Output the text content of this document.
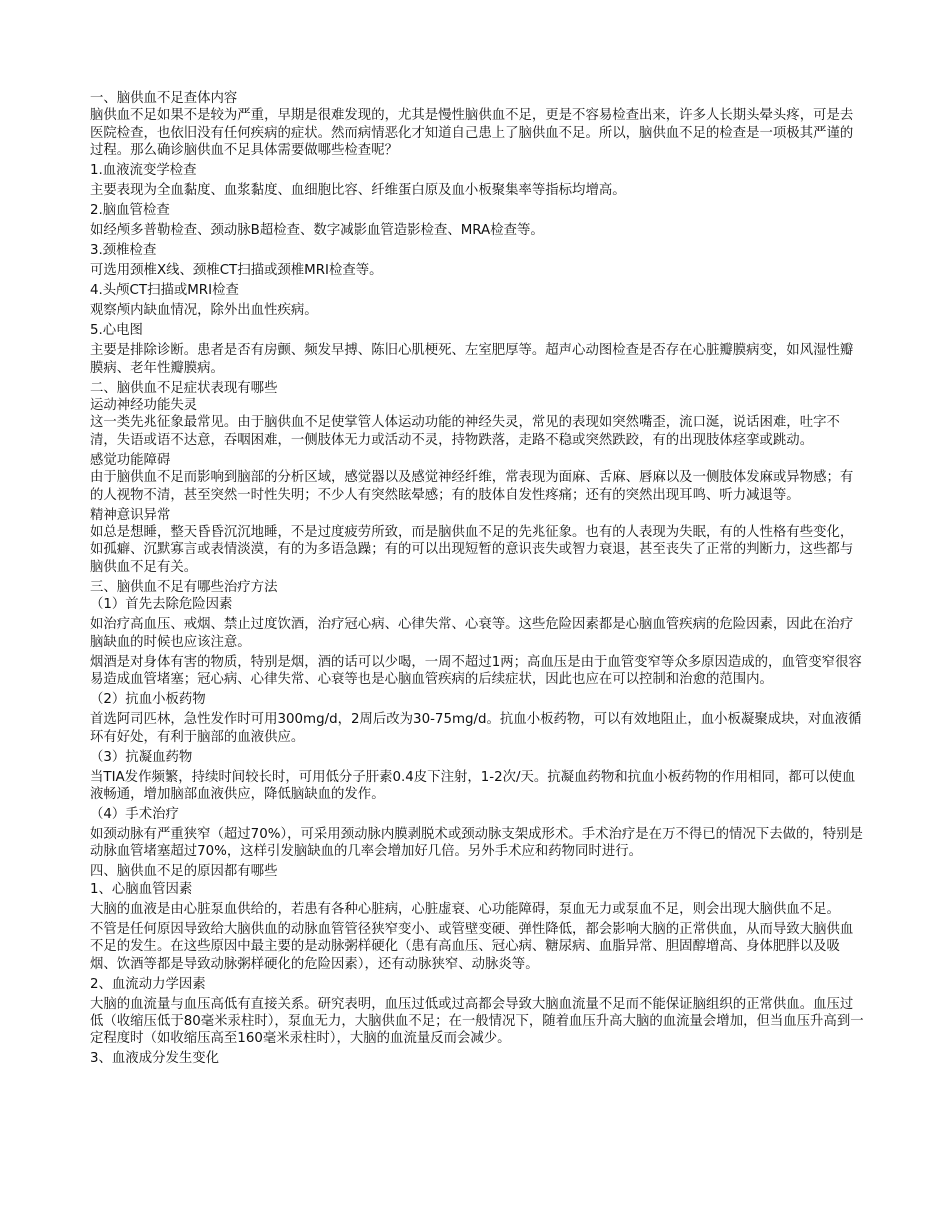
一、脑供血不足查体内容

脑供血不足如果不是较为严重，早期是很难发现的，尤其是慢性脑供血不足，更是不容易检查出来，许多人长期头晕头疼，可是去医院检查，也依旧没有任何疾病的症状。然而病情恶化才知道自己患上了脑供血不足。所以，脑供血不足的检查是一项极其严谨的过程。那么确诊脑供血不足具体需要做哪些检查呢？

1.血液流变学检查

主要表现为全血黏度、血浆黏度、血细胞比容、纤维蛋白原及血小板聚集率等指标均增高。

2.脑血管检查

如经颅多普勒检查、颈动脉B超检查、数字减影血管造影检查、MRA检查等。

3.颈椎检查

可选用颈椎X线、颈椎CT扫描或颈椎MRI检查等。

4.头颅CT扫描或MRI检查

观察颅内缺血情况，除外出血性疾病。

5.心电图

主要是排除诊断。患者是否有房颤、频发早搏、陈旧心肌梗死、左室肥厚等。超声心动图检查是否存在心脏瓣膜病变，如风湿性瓣膜病、老年性瓣膜病。

二、脑供血不足症状表现有哪些

运动神经功能失灵

这一类先兆征象最常见。由于脑供血不足使掌管人体运动功能的神经失灵，常见的表现如突然嘴歪，流口涎，说话困难，吐字不清，失语或语不达意，吞咽困难，一侧肢体无力或活动不灵，持物跌落，走路不稳或突然跌跤，有的出现肢体痉挛或跳动。

感觉功能障碍

由于脑供血不足而影响到脑部的分析区域，感觉器以及感觉神经纤维，常表现为面麻、舌麻、唇麻以及一侧肢体发麻或异物感；有的人视物不清，甚至突然一时性失明；不少人有突然眩晕感；有的肢体自发性疼痛；还有的突然出现耳鸣、听力减退等。

精神意识异常

如总是想睡，整天昏昏沉沉地睡，不是过度疲劳所致，而是脑供血不足的先兆征象。也有的人表现为失眠，有的人性格有些变化，如孤癖、沉默寡言或表情淡漠，有的为多语急躁；有的可以出现短暂的意识丧失或智力衰退，甚至丧失了正常的判断力，这些都与脑供血不足有关。

三、脑供血不足有哪些治疗方法

（1）首先去除危险因素

如治疗高血压、戒烟、禁止过度饮酒，治疗冠心病、心律失常、心衰等。这些危险因素都是心脑血管疾病的危险因素，因此在治疗脑缺血的时候也应该注意。

烟酒是对身体有害的物质，特别是烟，酒的话可以少喝，一周不超过1两；高血压是由于血管变窄等众多原因造成的，血管变窄很容易造成血管堵塞；冠心病、心律失常、心衰等也是心脑血管疾病的后续症状，因此也应在可以控制和治愈的范围内。

（2）抗血小板药物

首选阿司匹林，急性发作时可用300mg/d，2周后改为30-75mg/d。抗血小板药物，可以有效地阻止，血小板凝聚成块，对血液循环有好处，有利于脑部的血液供应。

（3）抗凝血药物

当TIA发作频繁，持续时间较长时，可用低分子肝素0.4皮下注射，1-2次/天。抗凝血药物和抗血小板药物的作用相同，都可以使血液畅通，增加脑部血液供应，降低脑缺血的发作。

（4）手术治疗

如颈动脉有严重狭窄（超过70%），可采用颈动脉内膜剥脱术或颈动脉支架成形术。手术治疗是在万不得已的情况下去做的，特别是动脉血管堵塞超过70%，这样引发脑缺血的几率会增加好几倍。另外手术应和药物同时进行。

四、脑供血不足的原因都有哪些

1、心脑血管因素

大脑的血液是由心脏泵血供给的，若患有各种心脏病，心脏虚衰、心功能障碍，泵血无力或泵血不足，则会出现大脑供血不足。

不管是任何原因导致给大脑供血的动脉血管管径狭窄变小、或管壁变硬、弹性降低，都会影响大脑的正常供血，从而导致大脑供血不足的发生。在这些原因中最主要的是动脉粥样硬化（患有高血压、冠心病、糖尿病、血脂异常、胆固醇增高、身体肥胖以及吸烟、饮酒等都是导致动脉粥样硬化的危险因素），还有动脉狭窄、动脉炎等。

2、血流动力学因素

大脑的血流量与血压高低有直接关系。研究表明，血压过低或过高都会导致大脑血流量不足而不能保证脑组织的正常供血。血压过低（收缩压低于80毫米汞柱时），泵血无力，大脑供血不足；在一般情况下，随着血压升高大脑的血流量会增加，但当血压升高到一定程度时（如收缩压高至160毫米汞柱时），大脑的血流量反而会减少。

3、血液成分发生变化
